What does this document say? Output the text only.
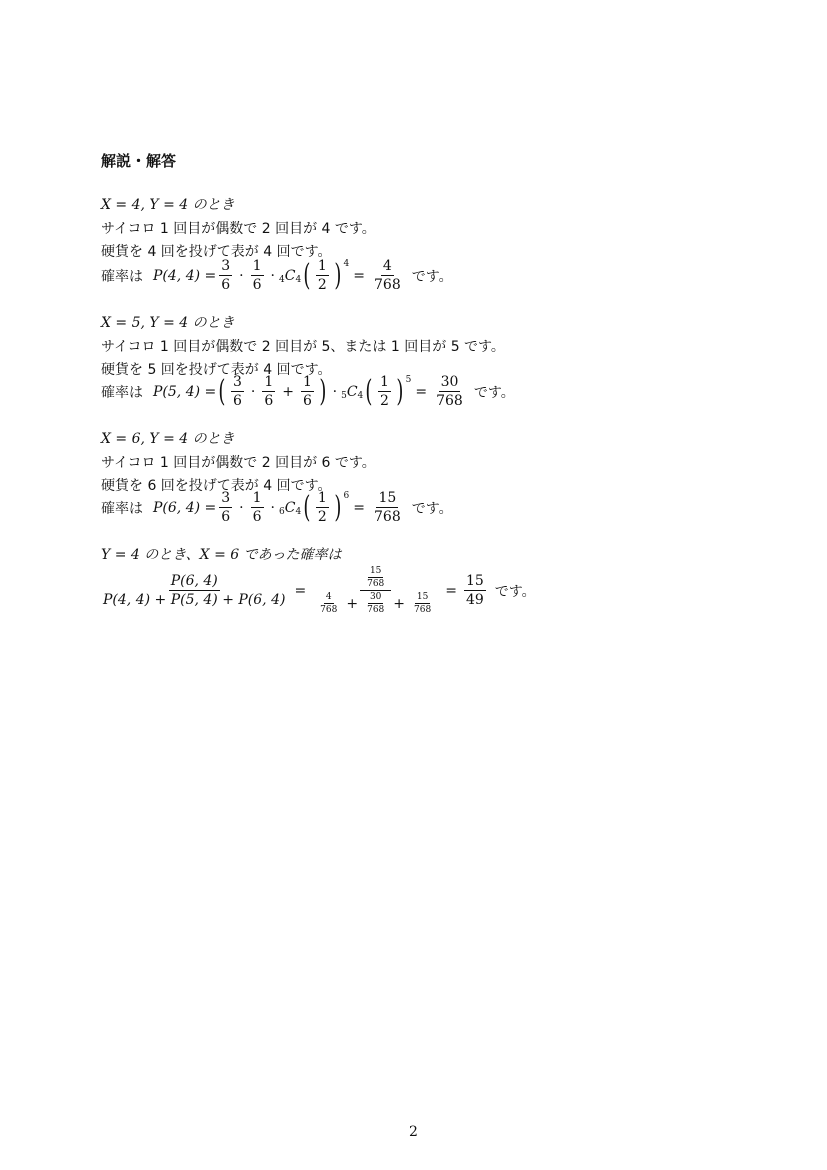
解説・解答
X = 4, Y = 4 のとき
サイコロ 1 回目が偶数で 2 回目が 4 です。
硬貨を 4 回を投げて表が 4 回です。
確率は P(4, $4) = \frac{3}{6} \cdot \frac{1}{6} \cdot 4$ C 4 ( $\frac{1}{2}$ ) 4
= $\frac{4}{768}$ です。
X = 5, Y = 4 のとき
サイコロ 1 回目が偶数で 2 回目が 5、または 1 回目が 5 です。
硬貨を 5 回を投げて表が 4 回です。
確率は P(5, 4) = ( $\frac{3}{6} \cdot \frac{1}{6} + \frac{1}{6}$ ) · 5 C 4 ( $\frac{1}{2}$ ) 5
= $\frac{30}{768}$ です。
X = 6, Y = 4 のとき
サイコロ 1 回目が偶数で 2 回目が 6 です。
硬貨を 6 回を投げて表が 4 回です。
確率は P(6, $4) = \frac{3}{6} \cdot \frac{1}{6} \cdot 6$ C 4 ( $\frac{1}{2}$ ) 6
= $\frac{15}{768}$ です。
Y = 4 のとき、X = 6 であった確率は
$\frac{P(6, 4)}{P(4, 4) + P(5, 4) + P(6, 4)} = \frac{\frac{15}{768}}{\frac{4}{768} + \frac{30}{768} + \frac{15}{768}} = \frac{15}{49}$ です。
2
